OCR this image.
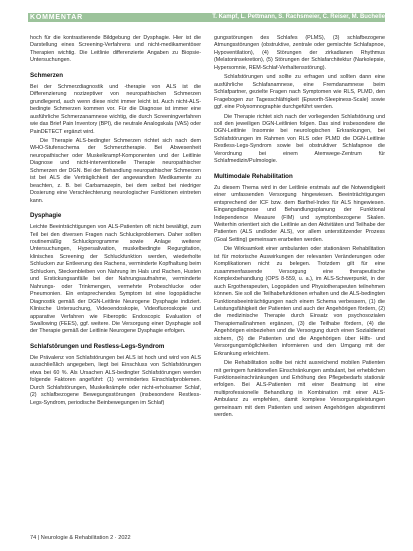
KOMMENTAR	T. Kampf, L. Pettmann, S. Rachsmeier, C. Reiser, M. Buchelle

hoch für die kontrastierende Bildgebung der Dysphagie. Hier ist die Darstellung eines Screening-Verfahrens und nicht-medikamentöser Therapien wichtig. Die Leitlinie differenzierte Angaben zu Biopsie-Untersuchungen.

Schmerzen

Bei der Schmerzdiagnostik und -therapie von ALS ist die Differenzierung nozizeptiver von neuropathischen Schmerzen grundlegend, auch wenn diese nicht immer leicht ist. Auch nicht-ALS-bedingte Schmerzen kommen vor. Für die Diagnose ist immer eine ausführliche Schmerzanamnese wichtig, die durch Screeningverfahren wie das Brief Pain Inventory (BPI), die neutrale Analogskala (VAS) oder PainDETECT ergänzt wird.

Die Therapie ALS-bedingter Schmerzen richtet sich nach dem WHO-Stufenschema der Schmerztherapie. Bei Abwesenheit neuropathischer oder Muskelkrampf-Komponenten und der Leitlinie Diagnose und nicht-interventionelle Therapie neuropathischer Schmerzen der DGN. Bei der Behandlung neuropathischer Schmerzen ist bei ALS die Verträglichkeit der angewandten Medikamente zu beachten, z. B. bei Carbamazepin, bei dem selbst bei niedriger Dosierung eine Verschlechterung neurologischer Funktionen eintreten kann.

Dysphagie

Leichte Beeinträchtigungen von ALS-Patienten oft nicht bewältigt, zum Teil bei den diversen Fragen nach Schluckproblemen. Daher sollten routinemäßig Schluckprogramme sowie Anlage weiterer Untersuchungen, Hypersalivation, muskelbedingte Regurgitation, klinisches Screening der Schluckfunktion werden, wiederholte Schlucken zur Entleerung des Rachens, verminderte Kopfhaltung beim Schlucken, Steckenbleiben von Nahrung im Hals und Rachen, Husten und Erstickungsanfälle bei der Nahrungsaufnahme, verminderte Nahrungs- oder Trinkmengen, vermehrte Probeschlucke oder Pneumonien. Ein entsprechendes Symptom ist eine logopädische Diagnostik gemäß der DGN-Leitlinie Neurogene Dysphagie indiziert. Klinische Untersuchung, Videoendoskopie, Videofluoroskopie und apparative Verfahren wie Fiberoptic Endoscopic Evaluation of Swallowing (FEES), ggf. weitere. Die Versorgung einer Dysphagie soll der Therapie gemäß der Leitlinie Neurogene Dysphagie erfolgen.

Schlafstörungen und Restless-Legs-Syndrom

Die Prävalenz von Schlafstörungen bei ALS ist hoch und wird von ALS ausschließlich angegeben, liegt bei Einschluss von Schlafstörungen etwa bei 60 %. Als Ursachen ALS-bedingter Schlafstörungen werden folgende Faktoren angeführt: (1) vermindertes Einschlafproblemen. Durch Schlafstörungen, Muskelkrämpfe oder nicht-erholsamer Schlaf, (2) schlafbezogene Bewegungsstörungen (insbesondere Restless-Legs-Syndrom, periodische Beinbewegungen im Schlaf)

gungsstörungen des Schlafes (PLMS), (3) schlafbezogene Atmungsstörungen (obstruktive, zentrale oder gemischte Schlafapnoe, Hypoventilation), (4) Störungen der zirkadianen Rhythmus (Melatoninsekretion), (5) Störungen der Schlafarchitektur (Narkolepsie, Hypersomnie, REM-Schlaf-Verhaltensstörung).

Schlafstörungen und sollte zu erfragen und sollten dann eine ausführliche Schlafanamnese, eine Fremdanamnese beim Schlafpartner, gezielte Fragen nach Symptomen wie RLS, PLMD, den Fragebogen zur Tagesschläfrigkeit (Epworth-Sleepiness-Scale) sowie ggf. eine Polysomnographie durchgeführt werden.

Die Therapie richtet sich nach der vorliegenden Schlafstörung und soll den jeweiligen DGN-Leitlinien folgen. Das sind insbesondere die DGN-Leitlinie Insomnie bei neurologischen Erkrankungen, bei Schlafstörungen im Rahmen von RLS oder PLMD die DGN-Leitlinie Restless-Legs-Syndrom sowie bei obstruktiver Schlafapnoe die Verordnung bei einem Atemwege-Zentrum für Schlafmedizin/Pulmologie.

Multimodale Rehabilitation

Zu diesem Thema wird in der Leitlinie erstmals auf die Notwendigkeit einer umfassenden Versorgung hingewiesen. Beeinträchtigungen entsprechend der ICF bzw. dem Barthel-Index für ALS hingewiesen. Eingangsdiagnose und Behandlungsplanung der Funktional Independence Measure (FIM) und symptombezogene Skalen. Weiterhin orientiert sich die Leitlinie an den Aktivitäten und Teilhabe der Patienten (ALS und/oder ALS), vor allem unterstützender Prozess (Goal Setting) gemeinsam erarbeiten werden.

Die Wirksamkeit einer ambulanten oder stationären Rehabilitation ist für motorische Auswirkungen der relevanten Veränderungen oder Komplikationen nicht zu belegen. Trotzdem gilt für eine zusammenfassende Versorgung eine therapeutische Komplexbehandlung (OPS 8-559, u. a.), im ALS-Schwerpunkt, in der auch Ergotherapeuten, Logopäden und Physiotherapeuten teilnehmen können. Sie soll die Teilhabefunktionen erhalten und die ALS-bedingten Funktionsbeeinträchtigungen nach einem Schema verbessern, (1) die Leistungsfähigkeit der Patienten und auch der Angehörigen fördern, (2) die medizinische Therapie durch Einsatz von psychosozialen Therapiemaßnahmen ergänzen, (3) die Teilhabe fördern, (4) die Angehörigen einbeziehen und die Versorgung durch einen Sozialdienst sichern, (5) die Patienten und die Angehörigen über Hilfs- und Versorgungsmöglichkeiten informieren und den Umgang mit der Erkrankung erleichtern.

Die Rehabilitation sollte bei nicht ausreichend mobilen Patienten mit geringem funktionellen Einschränkungen ambulant, bei erheblichen Funktionseinschränkungen und Erhöhung des Pflegebedarfs stationär erfolgen. Bei ALS-Patienten mit einer Beatmung ist eine multiprofessionelle Behandlung in Kombination mit einer ALS-Ambulanz zu empfehlen, damit komplexe Versorgungsleistungen gemeinsam mit dem Patienten und seinen Angehörigen abgestimmt werden.

74 | Neurologie & Rehabilitation 2 · 2022
